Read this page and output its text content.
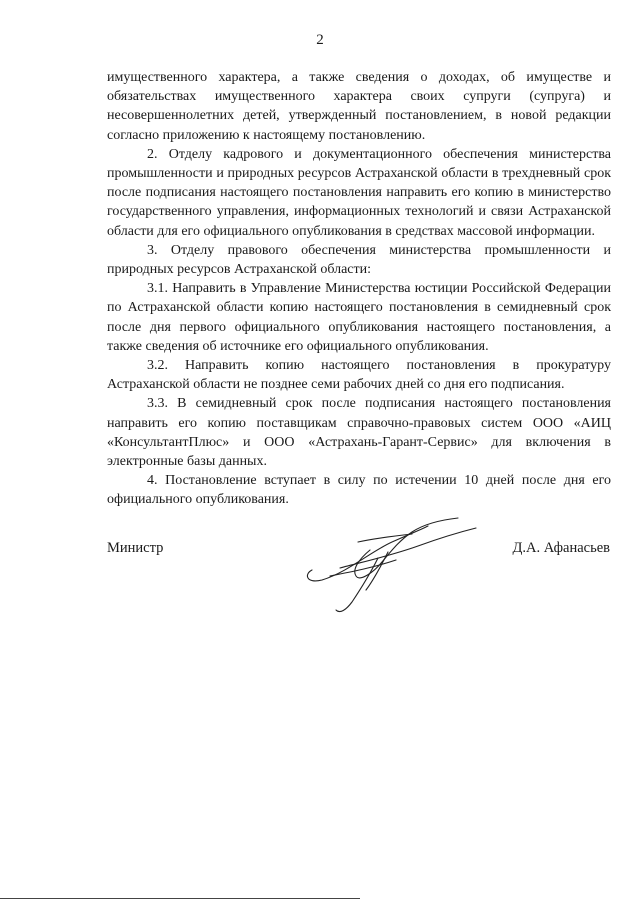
2

имущественного характера, а также сведения о доходах, об имуществе и обязательствах имущественного характера своих супруги (супруга) и несовершеннолетних детей, утвержденный постановлением, в новой редакции согласно приложению к настоящему постановлению.

2. Отделу кадрового и документационного обеспечения министерства промышленности и природных ресурсов Астраханской области в трехдневный срок после подписания настоящего постановления направить его копию в министерство государственного управления, информационных технологий и связи Астраханской области для его официального опубликования в средствах массовой информации.

3. Отделу правового обеспечения министерства промышленности и природных ресурсов Астраханской области:

3.1. Направить в Управление Министерства юстиции Российской Федерации по Астраханской области копию настоящего постановления в семидневный срок после дня первого официального опубликования настоящего постановления, а также сведения об источнике его официального опубликования.

3.2. Направить копию настоящего постановления в прокуратуру Астраханской области не позднее семи рабочих дней со дня его подписания.

3.3. В семидневный срок после подписания настоящего постановления направить его копию поставщикам справочно-правовых систем ООО «АИЦ «КонсультантПлюс» и ООО «Астрахань-Гарант-Сервис» для включения в электронные базы данных.

4. Постановление вступает в силу по истечении 10 дней после дня его официального опубликования.

Министр	Д.А. Афанасьев
